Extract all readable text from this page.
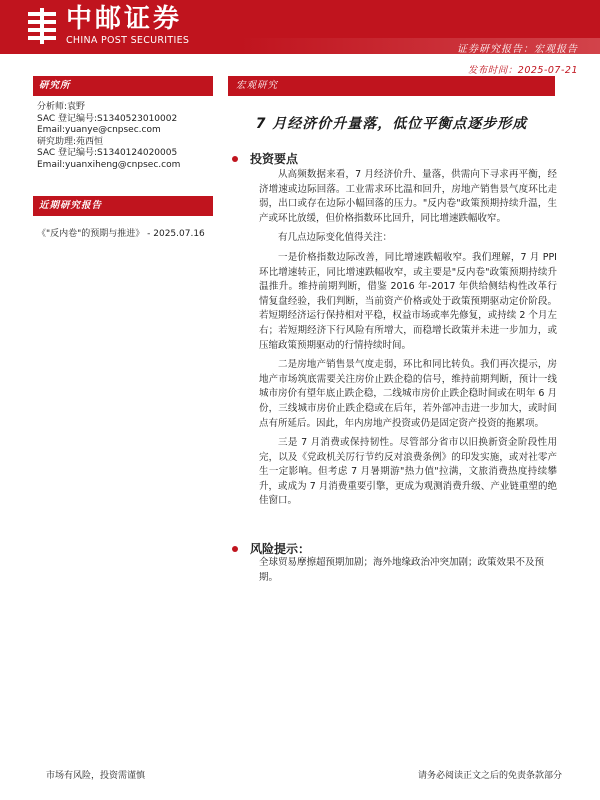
中邮证券
CHINA POST SECURITIES
证券研究报告：宏观报告
发布时间：2025-07-21
研究所
分析师:袁野
SAC 登记编号:S1340523010002
Email:yuanye@cnpsec.com
研究助理:苑西恒
SAC 登记编号:S1340124020005
Email:yuanxiheng@cnpsec.com
近期研究报告
《"反内卷"的预期与推进》 - 2025.07.16
宏观研究
7 月经济价升量落，低位平衡点逐步形成
投资要点

从高频数据来看，7 月经济价升、量落，供需向下寻求再平衡，经济增速或边际回落。工业需求环比温和回升，房地产销售景气度环比走弱，出口或存在边际小幅回落的压力。"反内卷"政策预期持续升温，生产或环比放缓，但价格指数环比回升，同比增速跌幅收窄。

有几点边际变化值得关注：

一是价格指数边际改善，同比增速跌幅收窄。我们理解，7 月 PPI 环比增速转正，同比增速跌幅收窄，或主要是"反内卷"政策预期持续升温推升。维持前期判断，借鉴 2016 年-2017 年供给侧结构性改革行情复盘经验，我们判断，当前资产价格或处于政策预期驱动定价阶段。若短期经济运行保持相对平稳，权益市场或率先修复，或持续 2 个月左右；若短期经济下行风险有所增大，而稳增长政策并未进一步加力，或压缩政策预期驱动的行情持续时间。

二是房地产销售景气度走弱，环比和同比转负。我们再次提示，房地产市场筑底需要关注房价止跌企稳的信号，维持前期判断，预计一线城市房价有望年底止跌企稳，二线城市房价止跌企稳时间或在明年 6 月份，三线城市房价止跌企稳或在后年，若外部冲击进一步加大，或时间点有所延后。因此，年内房地产投资或仍是固定资产投资的拖累项。

三是 7 月消费或保持韧性。尽管部分省市以旧换新资金阶段性用完，以及《党政机关厉行节约反对浪费条例》的印发实施，或对社零产生一定影响。但考虑 7 月暑期游"热力值"拉满，文旅消费热度持续攀升，或成为 7 月消费重要引擎，更成为观测消费升级、产业链重塑的绝佳窗口。

风险提示：
全球贸易摩擦超预期加剧；海外地缘政治冲突加剧；政策效果不及预期。
市场有风险，投资需谨慎	请务必阅读正文之后的免责条款部分
